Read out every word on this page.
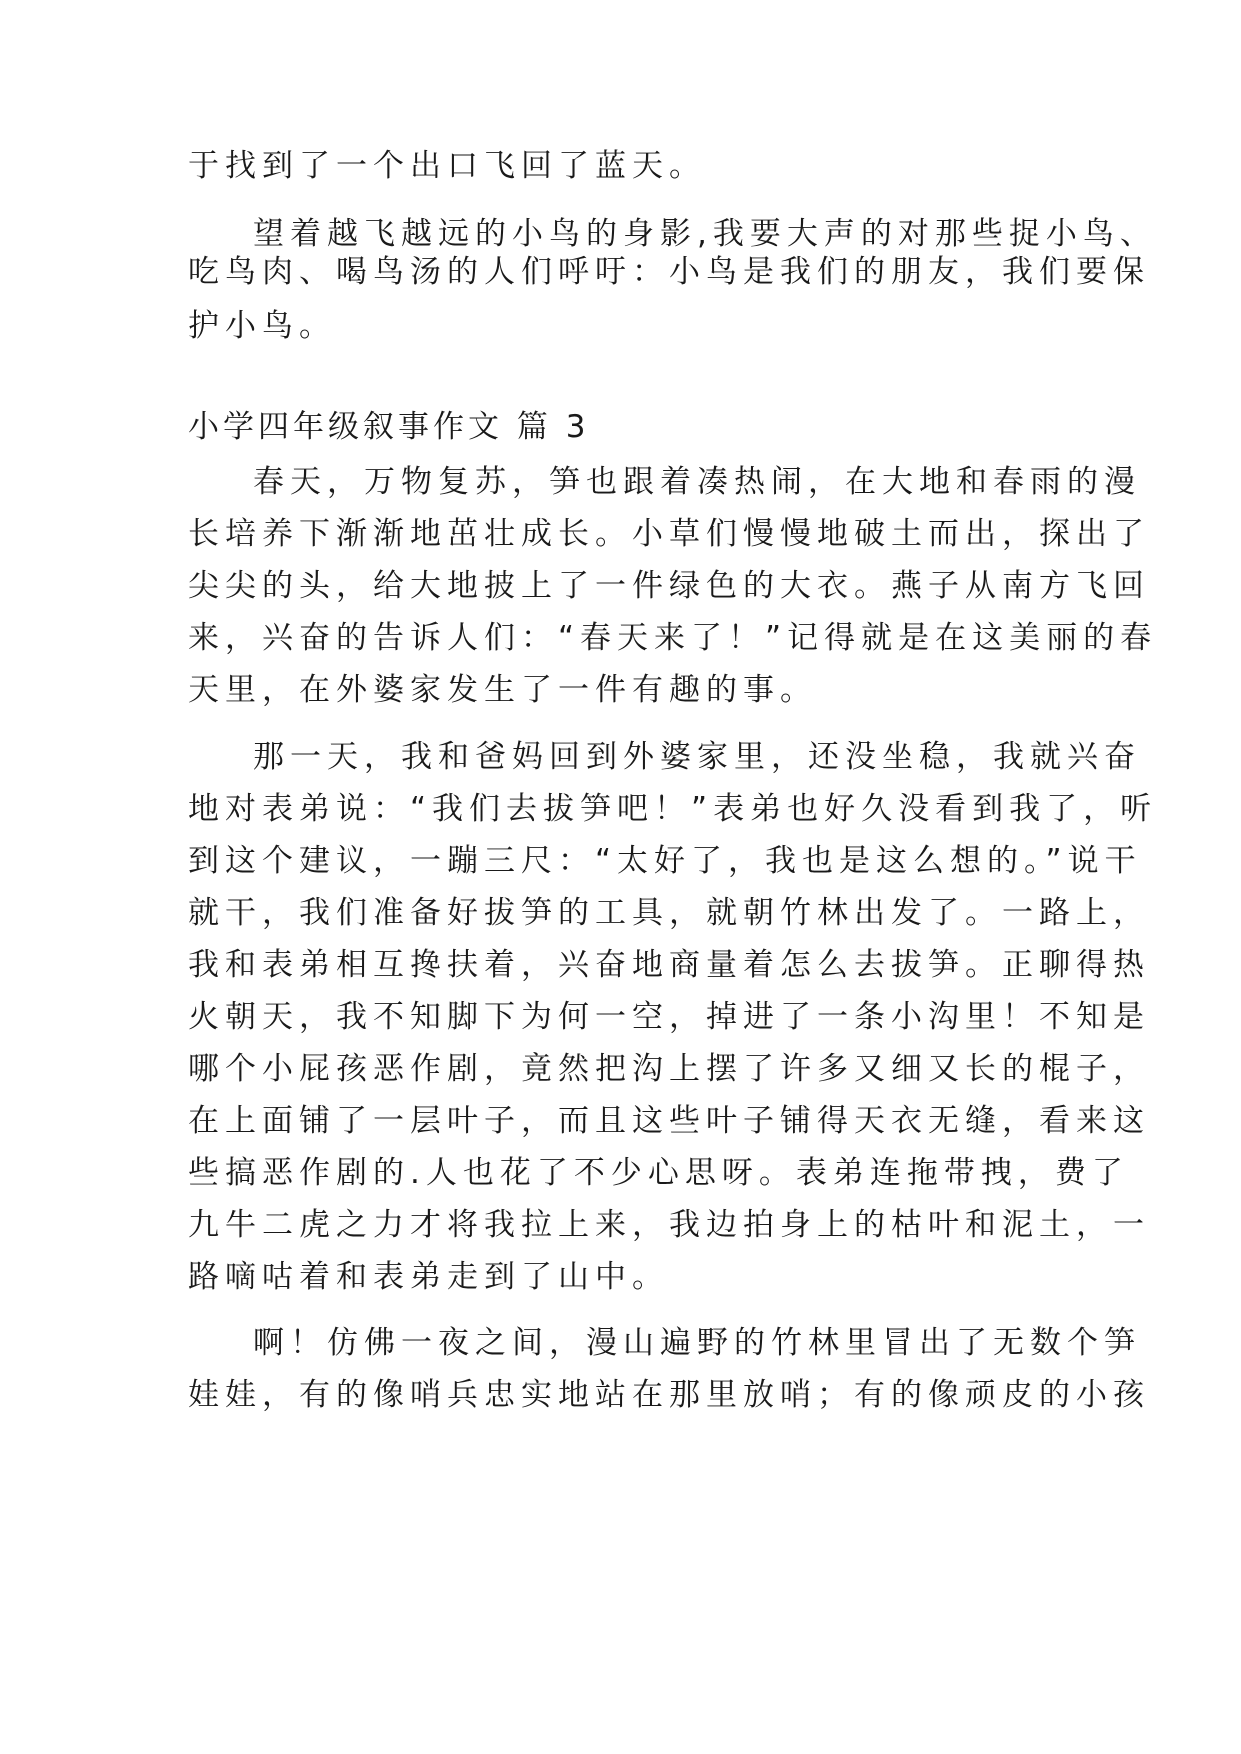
于找到了一个出口飞回了蓝天。

望着越飞越远的小鸟的身影,我要大声的对那些捉小鸟、

吃鸟肉、喝鸟汤的人们呼吁：小鸟是我们的朋友，我们要保

护小鸟。

小学四年级叙事作文 篇 3

春天，万物复苏，笋也跟着凑热闹，在大地和春雨的漫

长培养下渐渐地茁壮成长。小草们慢慢地破土而出，探出了

尖尖的头，给大地披上了一件绿色的大衣。燕子从南方飞回

来，兴奋的告诉人们：“春天来了！”记得就是在这美丽的春

天里，在外婆家发生了一件有趣的事。

那一天，我和爸妈回到外婆家里，还没坐稳，我就兴奋

地对表弟说：“我们去拔笋吧！”表弟也好久没看到我了，听

到这个建议，一蹦三尺：“太好了，我也是这么想的。”说干

就干，我们准备好拔笋的工具，就朝竹林出发了。一路上，

我和表弟相互搀扶着，兴奋地商量着怎么去拔笋。正聊得热

火朝天，我不知脚下为何一空，掉进了一条小沟里！不知是

哪个小屁孩恶作剧，竟然把沟上摆了许多又细又长的棍子，

在上面铺了一层叶子，而且这些叶子铺得天衣无缝，看来这

些搞恶作剧的.人也花了不少心思呀。表弟连拖带拽，费了

九牛二虎之力才将我拉上来，我边拍身上的枯叶和泥土，一

路嘀咕着和表弟走到了山中。

啊！仿佛一夜之间，漫山遍野的竹林里冒出了无数个笋

娃娃，有的像哨兵忠实地站在那里放哨；有的像顽皮的小孩
